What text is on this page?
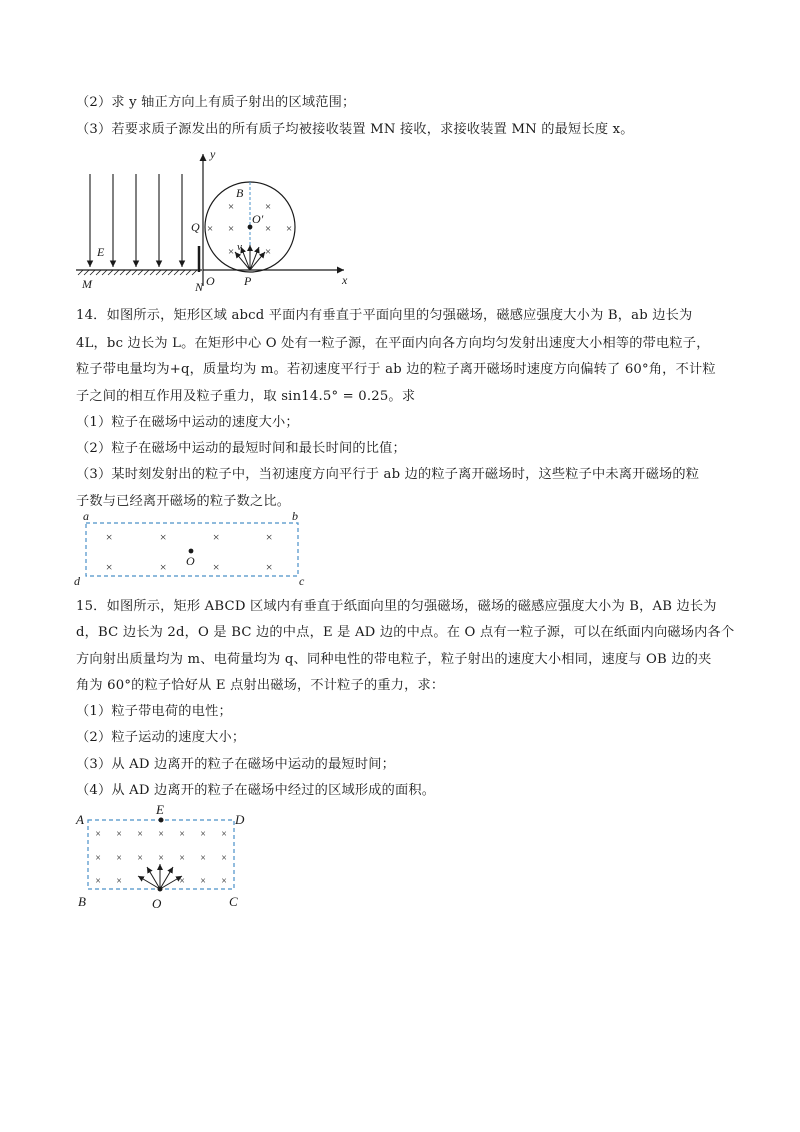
（2）求 y 轴正方向上有质子射出的区域范围；
（3）若要求质子源发出的所有质子均被接收装置 MN 接收，求接收装置 MN 的最短长度 x。
×	×
× ×	× ×
×	×
y
x
B
O′
Q
E	v
M	N O P
14．如图所示，矩形区域 abcd 平面内有垂直于平面向里的匀强磁场，磁感应强度大小为 B，ab 边长为
4L，bc 边长为 L。在矩形中心 O 处有一粒子源，在平面内向各方向均匀发射出速度大小相等的带电粒子，
粒子带电量均为+q，质量均为 m。若初速度平行于 ab 边的粒子离开磁场时速度方向偏转了 60°角，不计粒
子之间的相互作用及粒子重力，取 sin14.5° = 0.25。求
（1）粒子在磁场中运动的速度大小；
（2）粒子在磁场中运动的最短时间和最长时间的比值；
（3）某时刻发射出的粒子中，当初速度方向平行于 ab 边的粒子离开磁场时，这些粒子中未离开磁场的粒
子数与已经离开磁场的粒子数之比。
×	×	×	×
×	×	×	×
O
a	b
c
d
15．如图所示，矩形 ABCD 区域内有垂直于纸面向里的匀强磁场，磁场的磁感应强度大小为 B，AB 边长为
d，BC 边长为 2d，O 是 BC 边的中点，E 是 AD 边的中点。在 O 点有一粒子源，可以在纸面内向磁场内各个
方向射出质量均为 m、电荷量均为 q、同种电性的带电粒子，粒子射出的速度大小相同，速度与 OB 边的夹
角为 60°的粒子恰好从 E 点射出磁场，不计粒子的重力，求：
（1）粒子带电荷的电性；
（2）粒子运动的速度大小；
（3）从 AD 边离开的粒子在磁场中运动的最短时间；
（4）从 AD 边离开的粒子在磁场中经过的区域形成的面积。
× × × × × × ×
× × × × × × ×
× ×	× × ×
A	D
E
B	C
O
